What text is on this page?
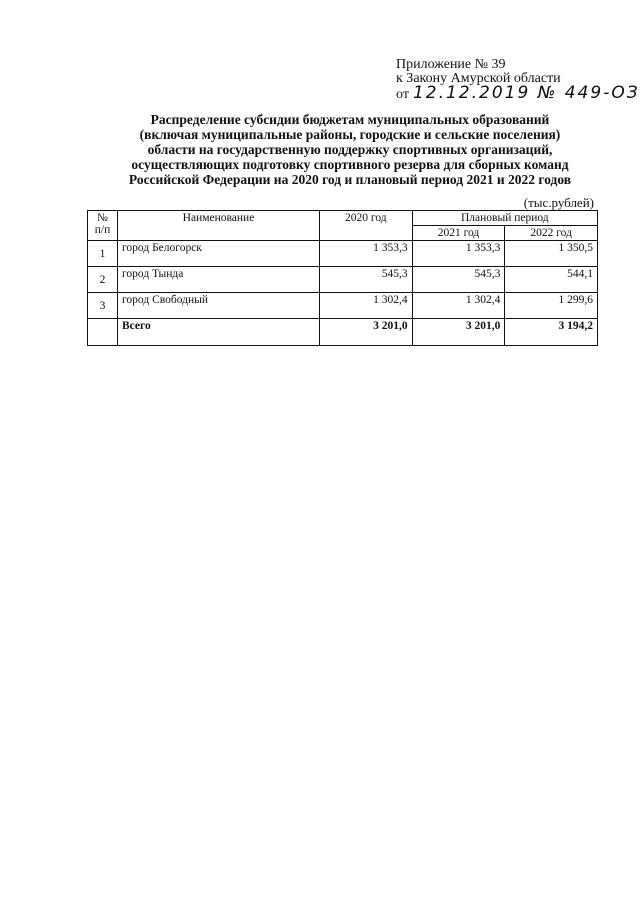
Приложение № 39
к Закону Амурской области
от 12.12.2019 № 449-ОЗ
Распределение субсидии бюджетам муниципальных образований
(включая муниципальные районы, городские и сельские поселения)
области на государственную поддержку спортивных организаций,
осуществляющих подготовку спортивного резерва для сборных команд
Российской Федерации на 2020 год и плановый период 2021 и 2022 годов
(тыс.рублей)
№ п/п	Наименование	2020 год	Плановый период	
			2021 год	2022 год
1	город Белогорск	1 353,3	1 353,3	1 350,5
2	город Тында	545,3	545,3	544,1
3	город Свободный	1 302,4	1 302,4	1 299,6
	Всего	3 201,0	3 201,0	3 194,2
